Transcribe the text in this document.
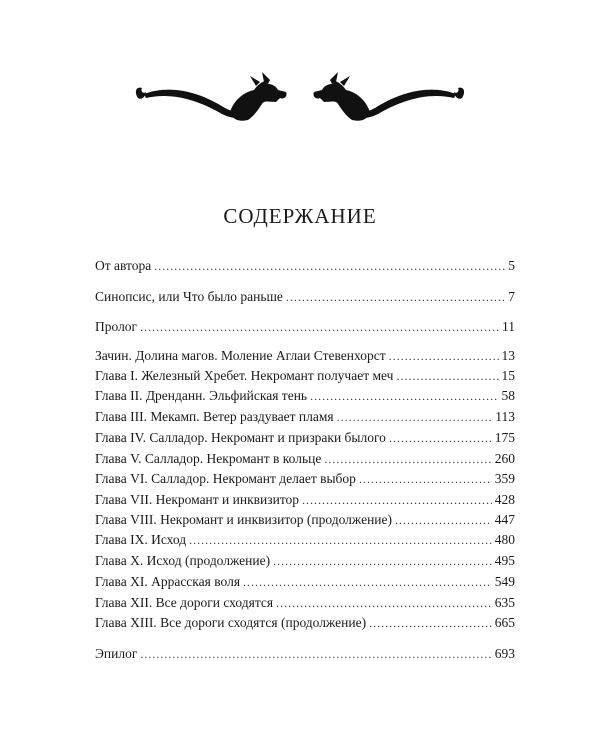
СОДЕРЖАНИЕ
От автора . . .	5
Синопсис, или Что было раньше . . .	7
Пролог . . .	11
Зачин. Долина магов. Моление Аглаи Стевенхорст . . .	13
Глава I. Железный Хребет. Некромант получает меч . . .	15
Глава II. Дренданн. Эльфийская тень . . .	58
Глава III. Мекамп. Ветер раздувает пламя . . .	113
Глава IV. Салладор. Некромант и призраки былого . . .	175
Глава V. Салладор. Некромант в кольце . . .	260
Глава VI. Салладор. Некромант делает выбор . . .	359
Глава VII. Некромант и инквизитор . . .	428
Глава VIII. Некромант и инквизитор (продолжение) . . .	447
Глава IX. Исход . . .	480
Глава X. Исход (продолжение) . . .	495
Глава XI. Аррасская воля . . .	549
Глава XII. Все дороги сходятся . . .	635
Глава XIII. Все дороги сходятся (продолжение) . . .	665
Эпилог . . .	693
